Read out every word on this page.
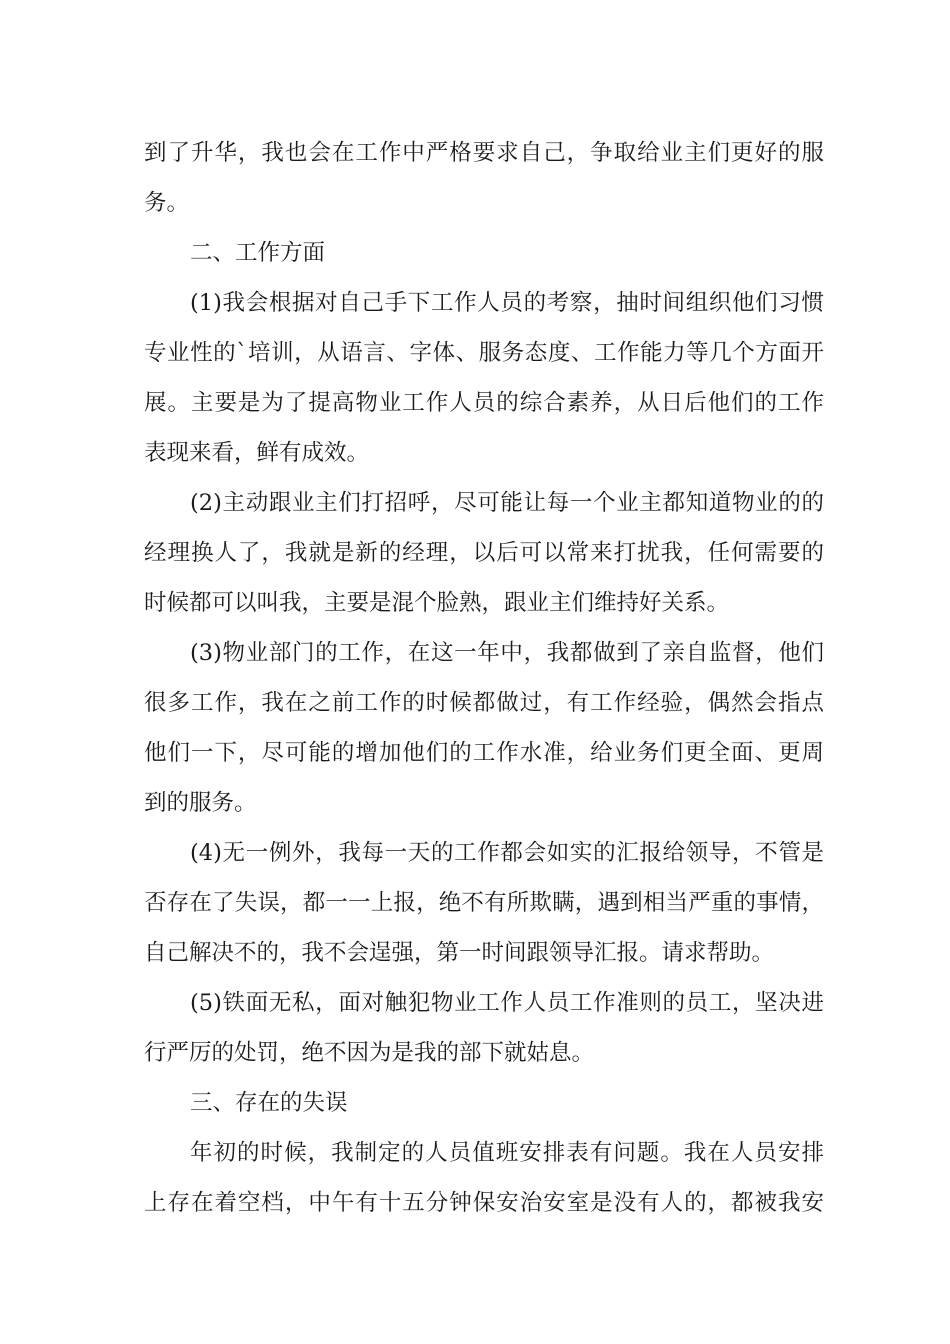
到了升华，我也会在工作中严格要求自己，争取给业主们更好的服
务。
二、工作方面
(1)我会根据对自己手下工作人员的考察，抽时间组织他们习惯
专业性的`培训，从语言、字体、服务态度、工作能力等几个方面开
展。主要是为了提高物业工作人员的综合素养，从日后他们的工作
表现来看，鲜有成效。
(2)主动跟业主们打招呼，尽可能让每一个业主都知道物业的的
经理换人了，我就是新的经理，以后可以常来打扰我，任何需要的
时候都可以叫我，主要是混个脸熟，跟业主们维持好关系。
(3)物业部门的工作，在这一年中，我都做到了亲自监督，他们
很多工作，我在之前工作的时候都做过，有工作经验，偶然会指点
他们一下，尽可能的增加他们的工作水准，给业务们更全面、更周
到的服务。
(4)无一例外，我每一天的工作都会如实的汇报给领导，不管是
否存在了失误，都一一上报，绝不有所欺瞒，遇到相当严重的事情，
自己解决不的，我不会逞强，第一时间跟领导汇报。请求帮助。
(5)铁面无私，面对触犯物业工作人员工作准则的员工，坚决进
行严厉的处罚，绝不因为是我的部下就姑息。
三、存在的失误
年初的时候，我制定的人员值班安排表有问题。我在人员安排
上存在着空档，中午有十五分钟保安治安室是没有人的，都被我安
